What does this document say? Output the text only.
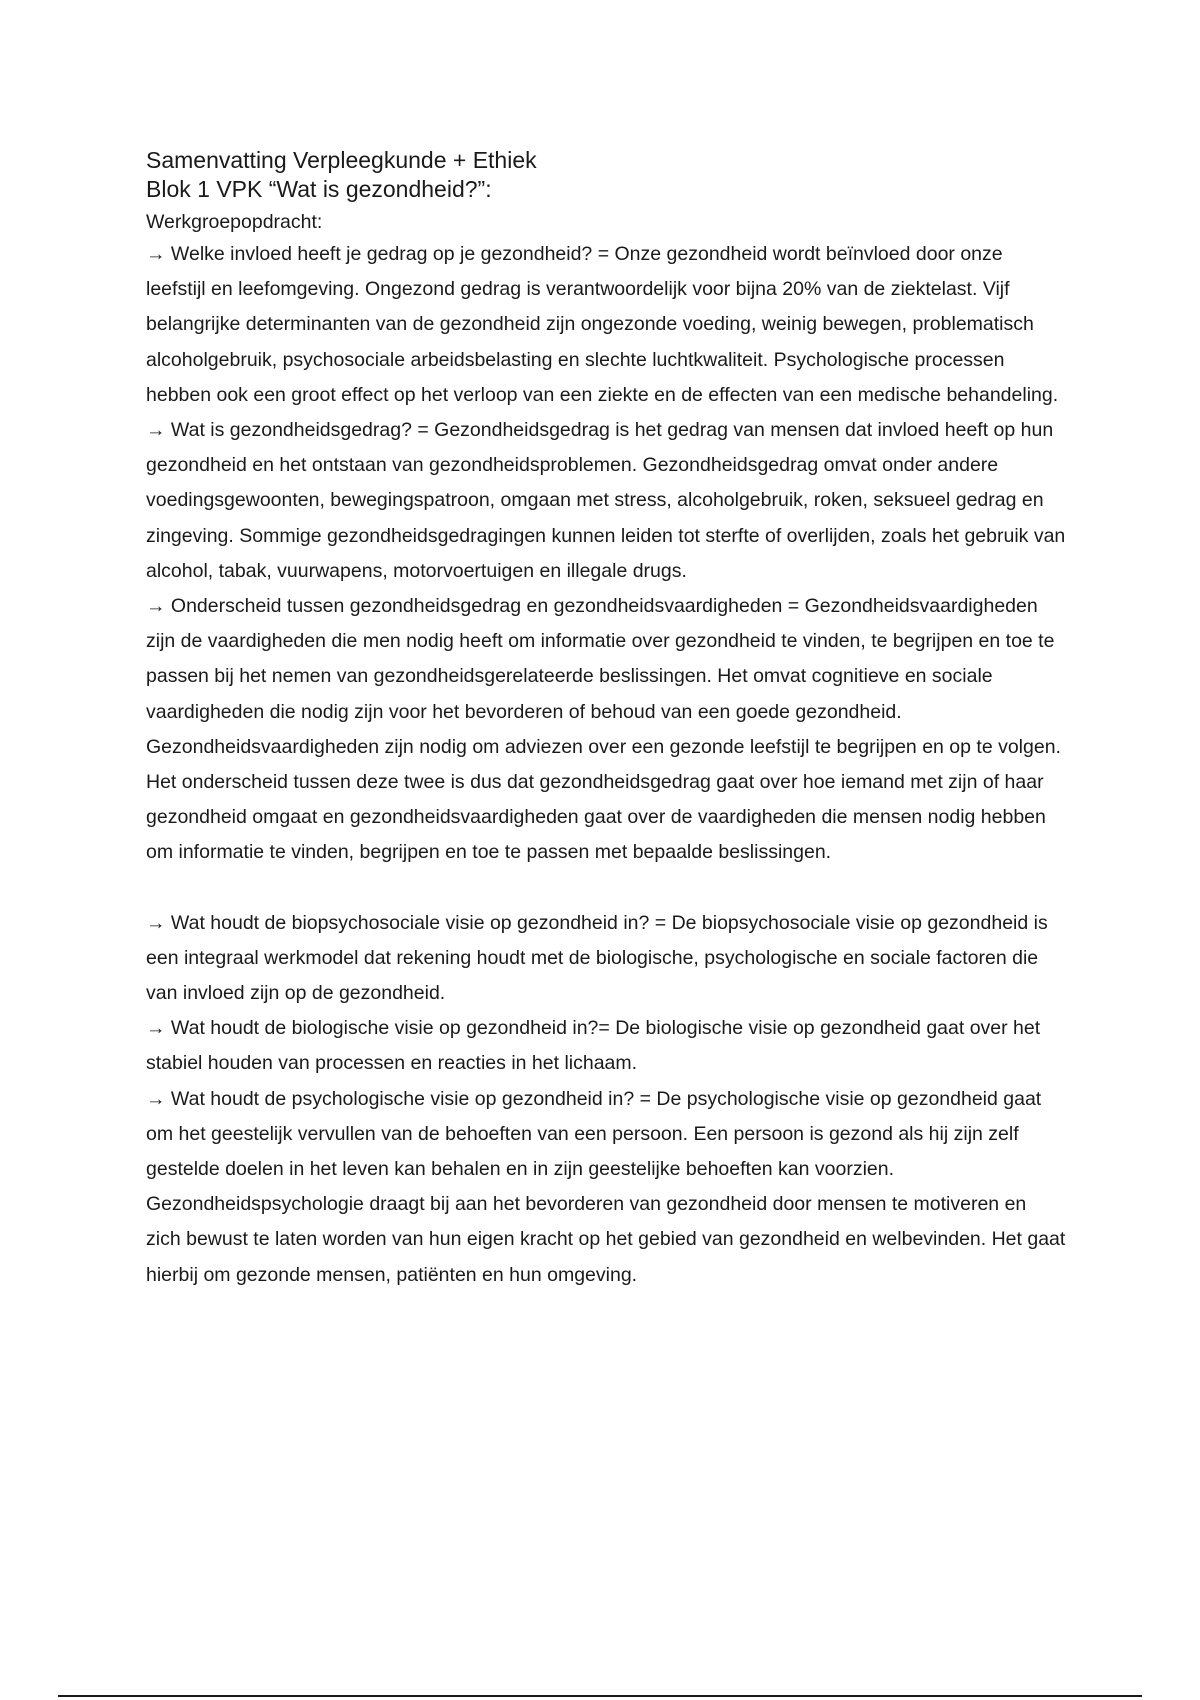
Samenvatting Verpleegkunde + Ethiek

Blok 1 VPK “Wat is gezondheid?”:

Werkgroepopdracht:

→ Welke invloed heeft je gedrag op je gezondheid? = Onze gezondheid wordt beïnvloed door onze leefstijl en leefomgeving. Ongezond gedrag is verantwoordelijk voor bijna 20% van de ziektelast. Vijf belangrijke determinanten van de gezondheid zijn ongezonde voeding, weinig bewegen, problematisch alcoholgebruik, psychosociale arbeidsbelasting en slechte luchtkwaliteit. Psychologische processen hebben ook een groot effect op het verloop van een ziekte en de effecten van een medische behandeling.

→ Wat is gezondheidsgedrag? = Gezondheidsgedrag is het gedrag van mensen dat invloed heeft op hun gezondheid en het ontstaan van gezondheidsproblemen. Gezondheidsgedrag omvat onder andere voedingsgewoonten, bewegingspatroon, omgaan met stress, alcoholgebruik, roken, seksueel gedrag en zingeving. Sommige gezondheidsgedragingen kunnen leiden tot sterfte of overlijden, zoals het gebruik van alcohol, tabak, vuurwapens, motorvoertuigen en illegale drugs.

→ Onderscheid tussen gezondheidsgedrag en gezondheidsvaardigheden = Gezondheidsvaardigheden zijn de vaardigheden die men nodig heeft om informatie over gezondheid te vinden, te begrijpen en toe te passen bij het nemen van gezondheidsgerelateerde beslissingen. Het omvat cognitieve en sociale vaardigheden die nodig zijn voor het bevorderen of behoud van een goede gezondheid. Gezondheidsvaardigheden zijn nodig om adviezen over een gezonde leefstijl te begrijpen en op te volgen. Het onderscheid tussen deze twee is dus dat gezondheidsgedrag gaat over hoe iemand met zijn of haar gezondheid omgaat en gezondheidsvaardigheden gaat over de vaardigheden die mensen nodig hebben om informatie te vinden, begrijpen en toe te passen met bepaalde beslissingen.

→ Wat houdt de biopsychosociale visie op gezondheid in? = De biopsychosociale visie op gezondheid is een integraal werkmodel dat rekening houdt met de biologische, psychologische en sociale factoren die van invloed zijn op de gezondheid.

→ Wat houdt de biologische visie op gezondheid in?= De biologische visie op gezondheid gaat over het stabiel houden van processen en reacties in het lichaam.

→ Wat houdt de psychologische visie op gezondheid in? = De psychologische visie op gezondheid gaat om het geestelijk vervullen van de behoeften van een persoon. Een persoon is gezond als hij zijn zelf gestelde doelen in het leven kan behalen en in zijn geestelijke behoeften kan voorzien. Gezondheidspsychologie draagt bij aan het bevorderen van gezondheid door mensen te motiveren en zich bewust te laten worden van hun eigen kracht op het gebied van gezondheid en welbevinden. Het gaat hierbij om gezonde mensen, patiënten en hun omgeving.
